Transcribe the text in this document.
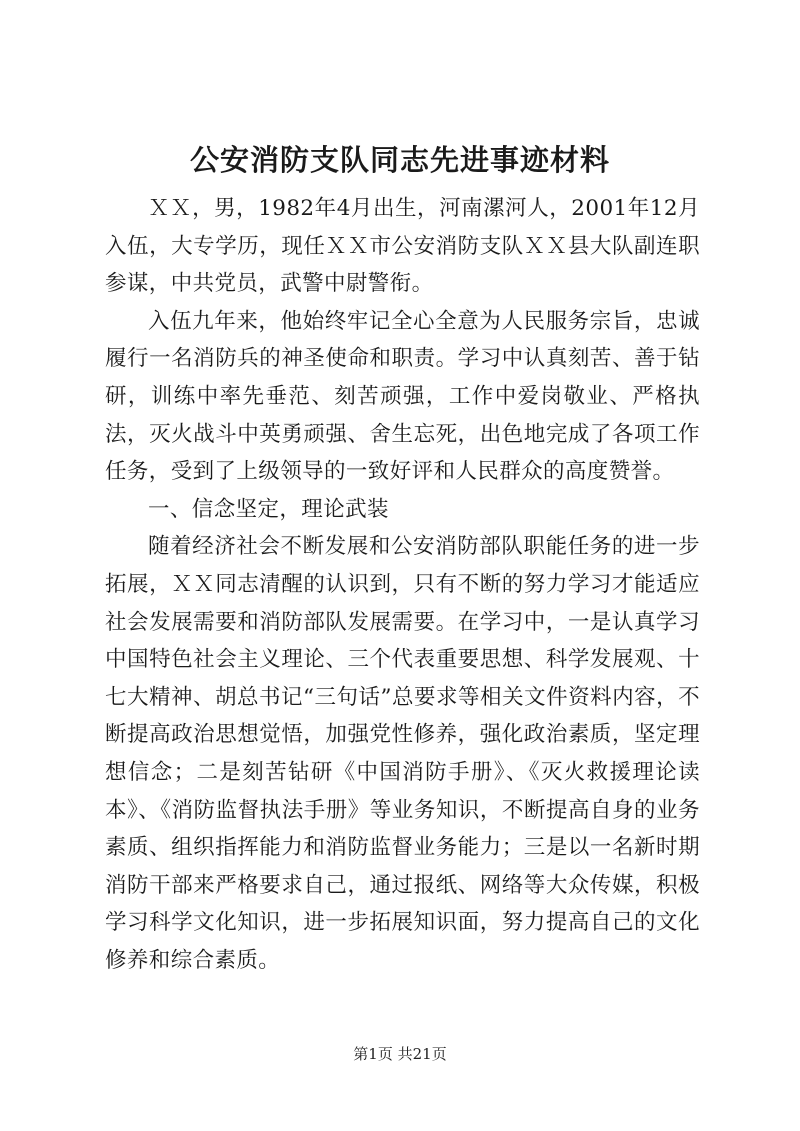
公安消防支队同志先进事迹材料

ＸＸ，男，1982年4月出生，河南漯河人，2001年12月入伍，大专学历，现任ＸＸ市公安消防支队ＸＸ县大队副连职参谋，中共党员，武警中尉警衔。

入伍九年来，他始终牢记全心全意为人民服务宗旨，忠诚履行一名消防兵的神圣使命和职责。学习中认真刻苦、善于钻研，训练中率先垂范、刻苦顽强，工作中爱岗敬业、严格执法，灭火战斗中英勇顽强、舍生忘死，出色地完成了各项工作任务，受到了上级领导的一致好评和人民群众的高度赞誉。

一、信念坚定，理论武装

随着经济社会不断发展和公安消防部队职能任务的进一步拓展，ＸＸ同志清醒的认识到，只有不断的努力学习才能适应社会发展需要和消防部队发展需要。在学习中，一是认真学习中国特色社会主义理论、三个代表重要思想、科学发展观、十七大精神、胡总书记“三句话”总要求等相关文件资料内容，不断提高政治思想觉悟，加强党性修养，强化政治素质，坚定理想信念；二是刻苦钻研《中国消防手册》、《灭火救援理论读本》、《消防监督执法手册》等业务知识，不断提高自身的业务素质、组织指挥能力和消防监督业务能力；三是以一名新时期消防干部来严格要求自己，通过报纸、网络等大众传媒，积极学习科学文化知识，进一步拓展知识面，努力提高自己的文化修养和综合素质。

第1页 共21页
